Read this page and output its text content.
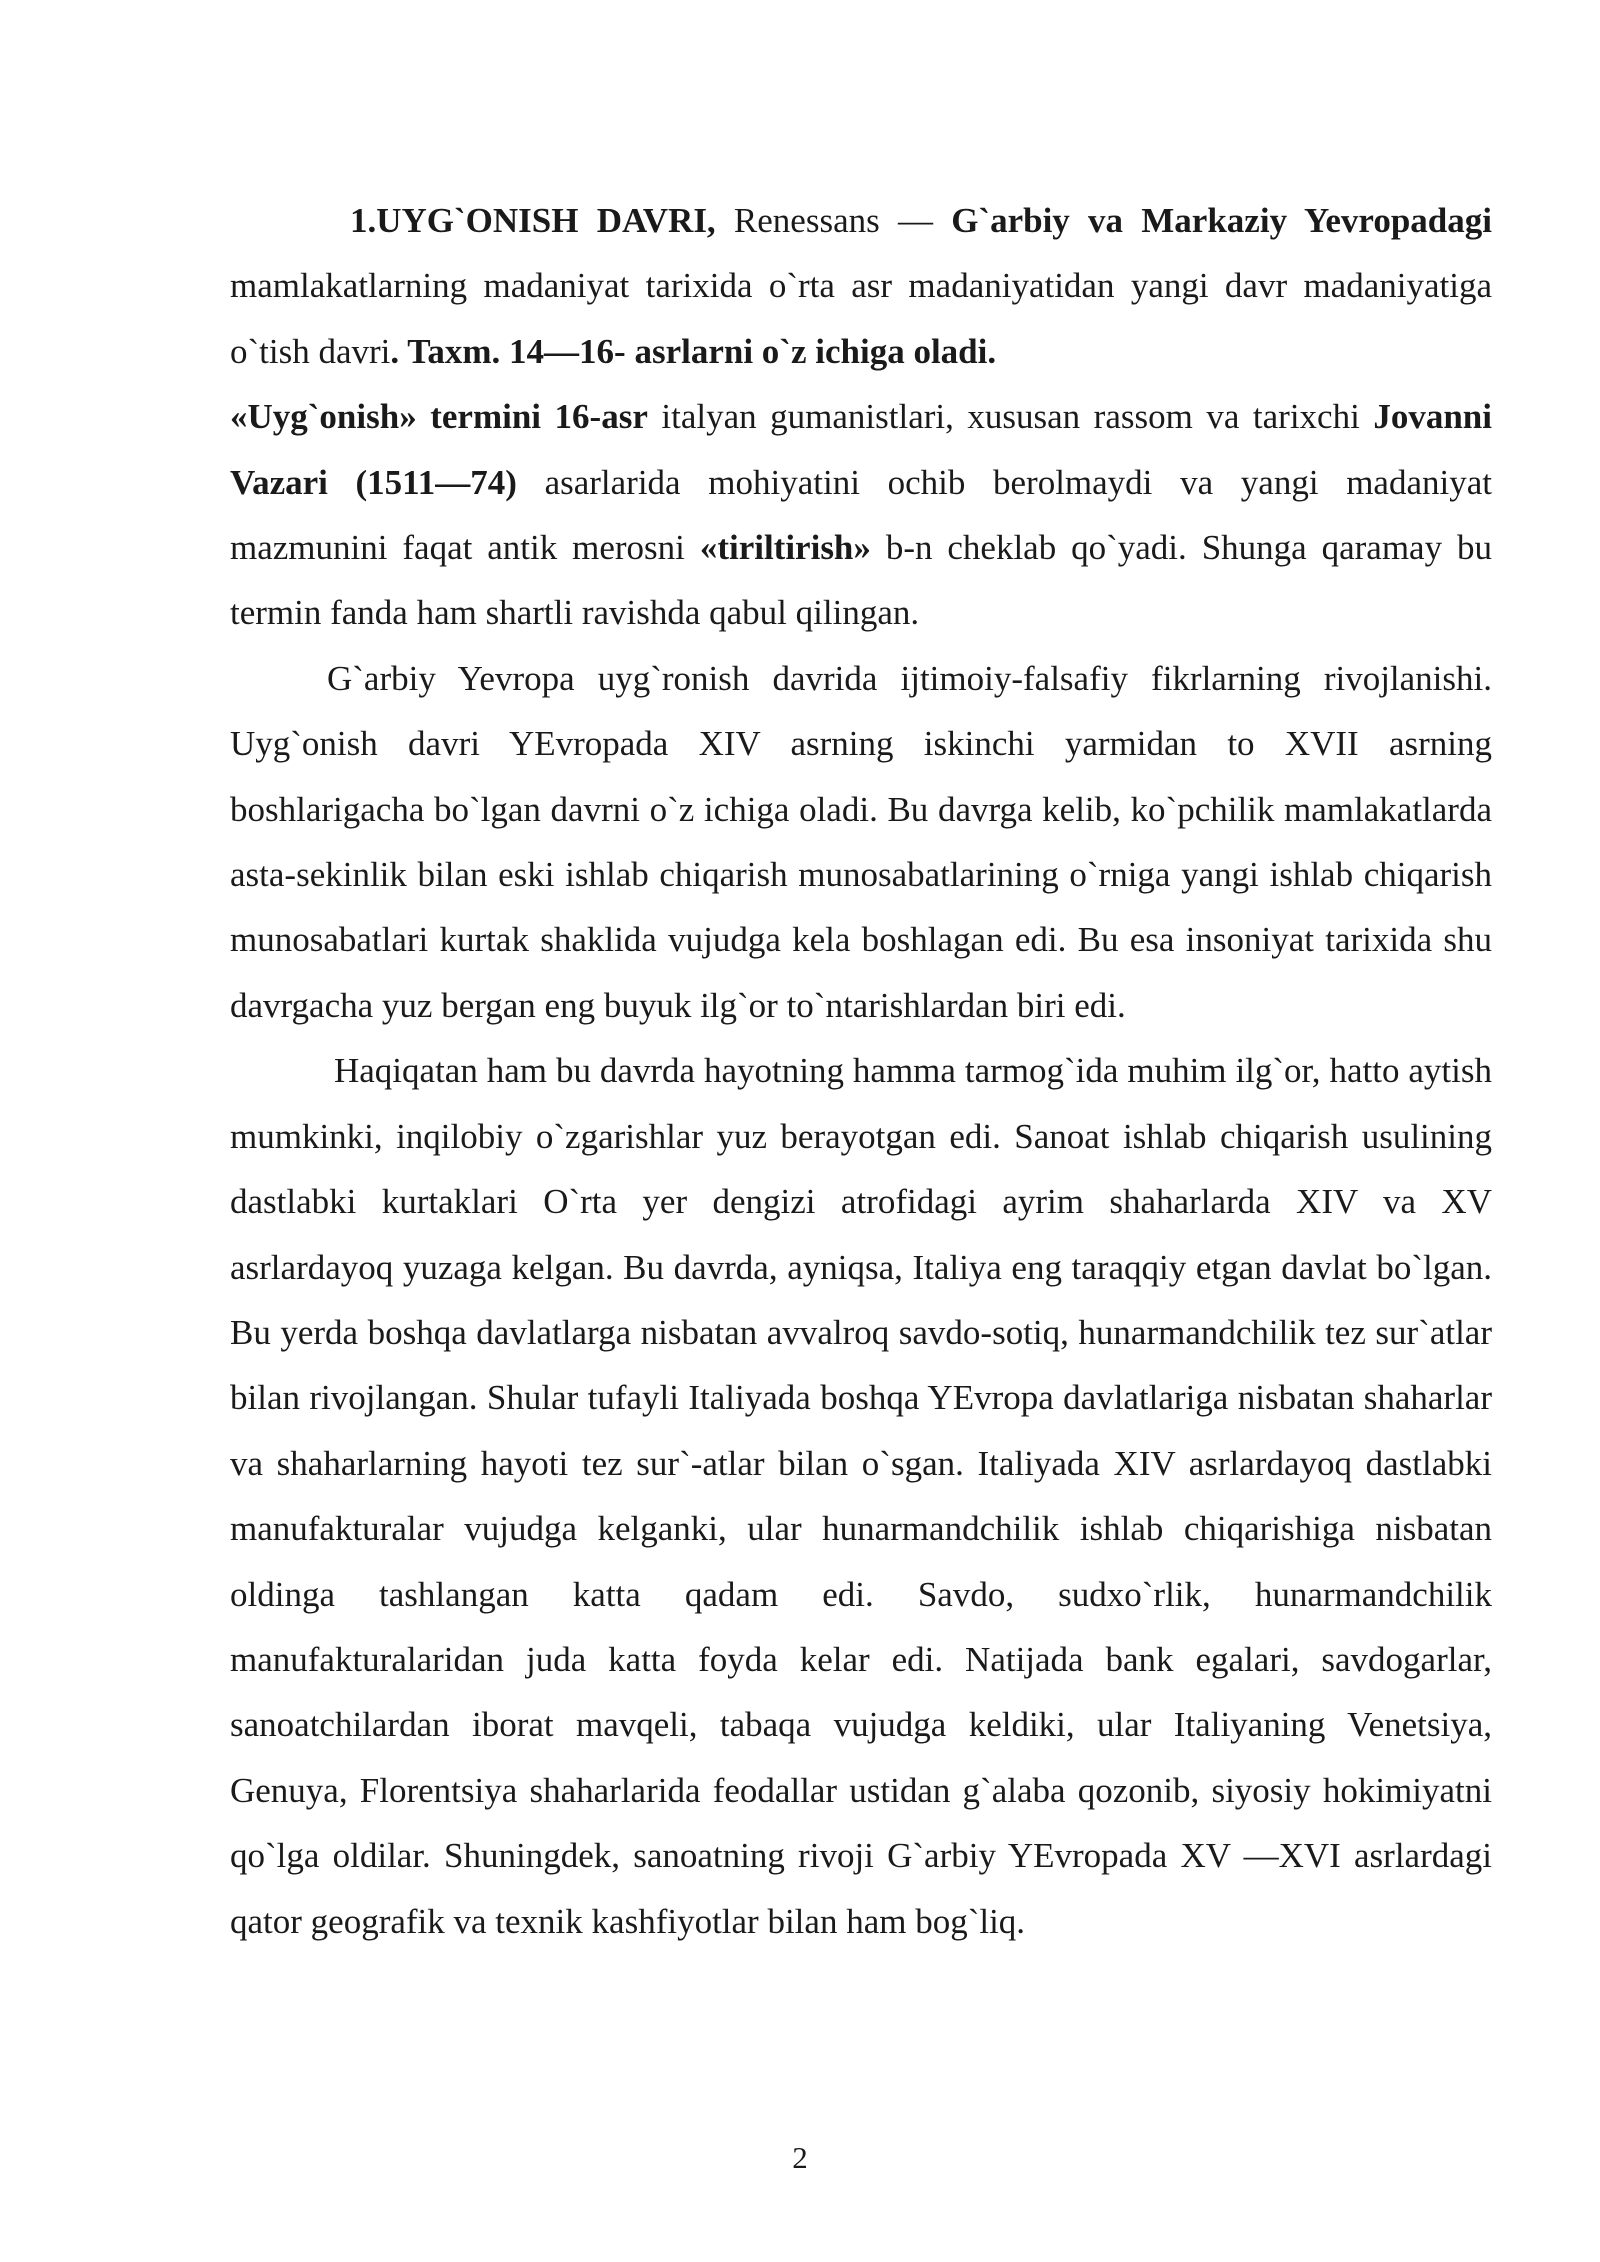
1.UYG`ONISH DAVRI, Renessans — G`arbiy va Markaziy Yevropadagi mamlakatlarning madaniyat tarixida o`rta asr madaniyatidan yangi davr madaniyatiga o`tish davri. Taxm. 14—16- asrlarni o`z ichiga oladi.

«Uyg`onish» termini 16-asr italyan gumanistlari, xususan rassom va tarixchi Jovanni Vazari (1511—74) asarlarida mohiyatini ochib berolmaydi va yangi madaniyat mazmunini faqat antik merosni «tiriltirish» b-n cheklab qo`yadi. Shunga qaramay bu termin fanda ham shartli ravishda qabul qilingan.

G`arbiy Yevropa uyg`ronish davrida ijtimoiy-falsafiy fikrlarning rivojlanishi. Uyg`onish davri YEvropada XIV asrning iskinchi yarmidan to XVII asrning boshlarigacha bo`lgan davrni o`z ichiga oladi. Bu davrga kelib, ko`pchilik mamlakatlarda asta-sekinlik bilan eski ishlab chiqarish munosabatlarining o`rniga yangi ishlab chiqarish munosabatlari kurtak shaklida vujudga kela boshlagan edi. Bu esa insoniyat tarixida shu davrgacha yuz bergan eng buyuk ilg`or to`ntarishlardan biri edi.

Haqiqatan ham bu davrda hayotning hamma tarmog`ida muhim ilg`or, hatto aytish mumkinki, inqilobiy o`zgarishlar yuz berayotgan edi. Sanoat ishlab chiqarish usulining dastlabki kurtaklari O`rta yer dengizi atrofidagi ayrim shaharlarda XIV va XV asrlardayoq yuzaga kelgan. Bu davrda, ayniqsa, Italiya eng taraqqiy etgan davlat bo`lgan. Bu yerda boshqa davlatlarga nisbatan avvalroq savdo-sotiq, hunarmandchilik tez sur`atlar bilan rivojlangan. Shular tufayli Italiyada boshqa YEvropa davlatlariga nisbatan shaharlar va shaharlarning hayoti tez sur`-atlar bilan o`sgan. Italiyada XIV asrlardayoq dastlabki manufakturalar vujudga kelganki, ular hunarmandchilik ishlab chiqarishiga nisbatan oldinga tashlangan katta qadam edi. Savdo, sudxo`rlik, hunarmandchilik manufakturalaridan juda katta foyda kelar edi. Natijada bank egalari, savdogarlar, sanoatchilardan iborat mavqeli, tabaqa vujudga keldiki, ular Italiyaning Venetsiya, Genuya, Florentsiya shaharlarida feodallar ustidan g`alaba qozonib, siyosiy hokimiyatni qo`lga oldilar. Shuningdek, sanoatning rivoji G`arbiy YEvropada XV —XVI asrlardagi qator geografik va texnik kashfiyotlar bilan ham bog`liq.

2
